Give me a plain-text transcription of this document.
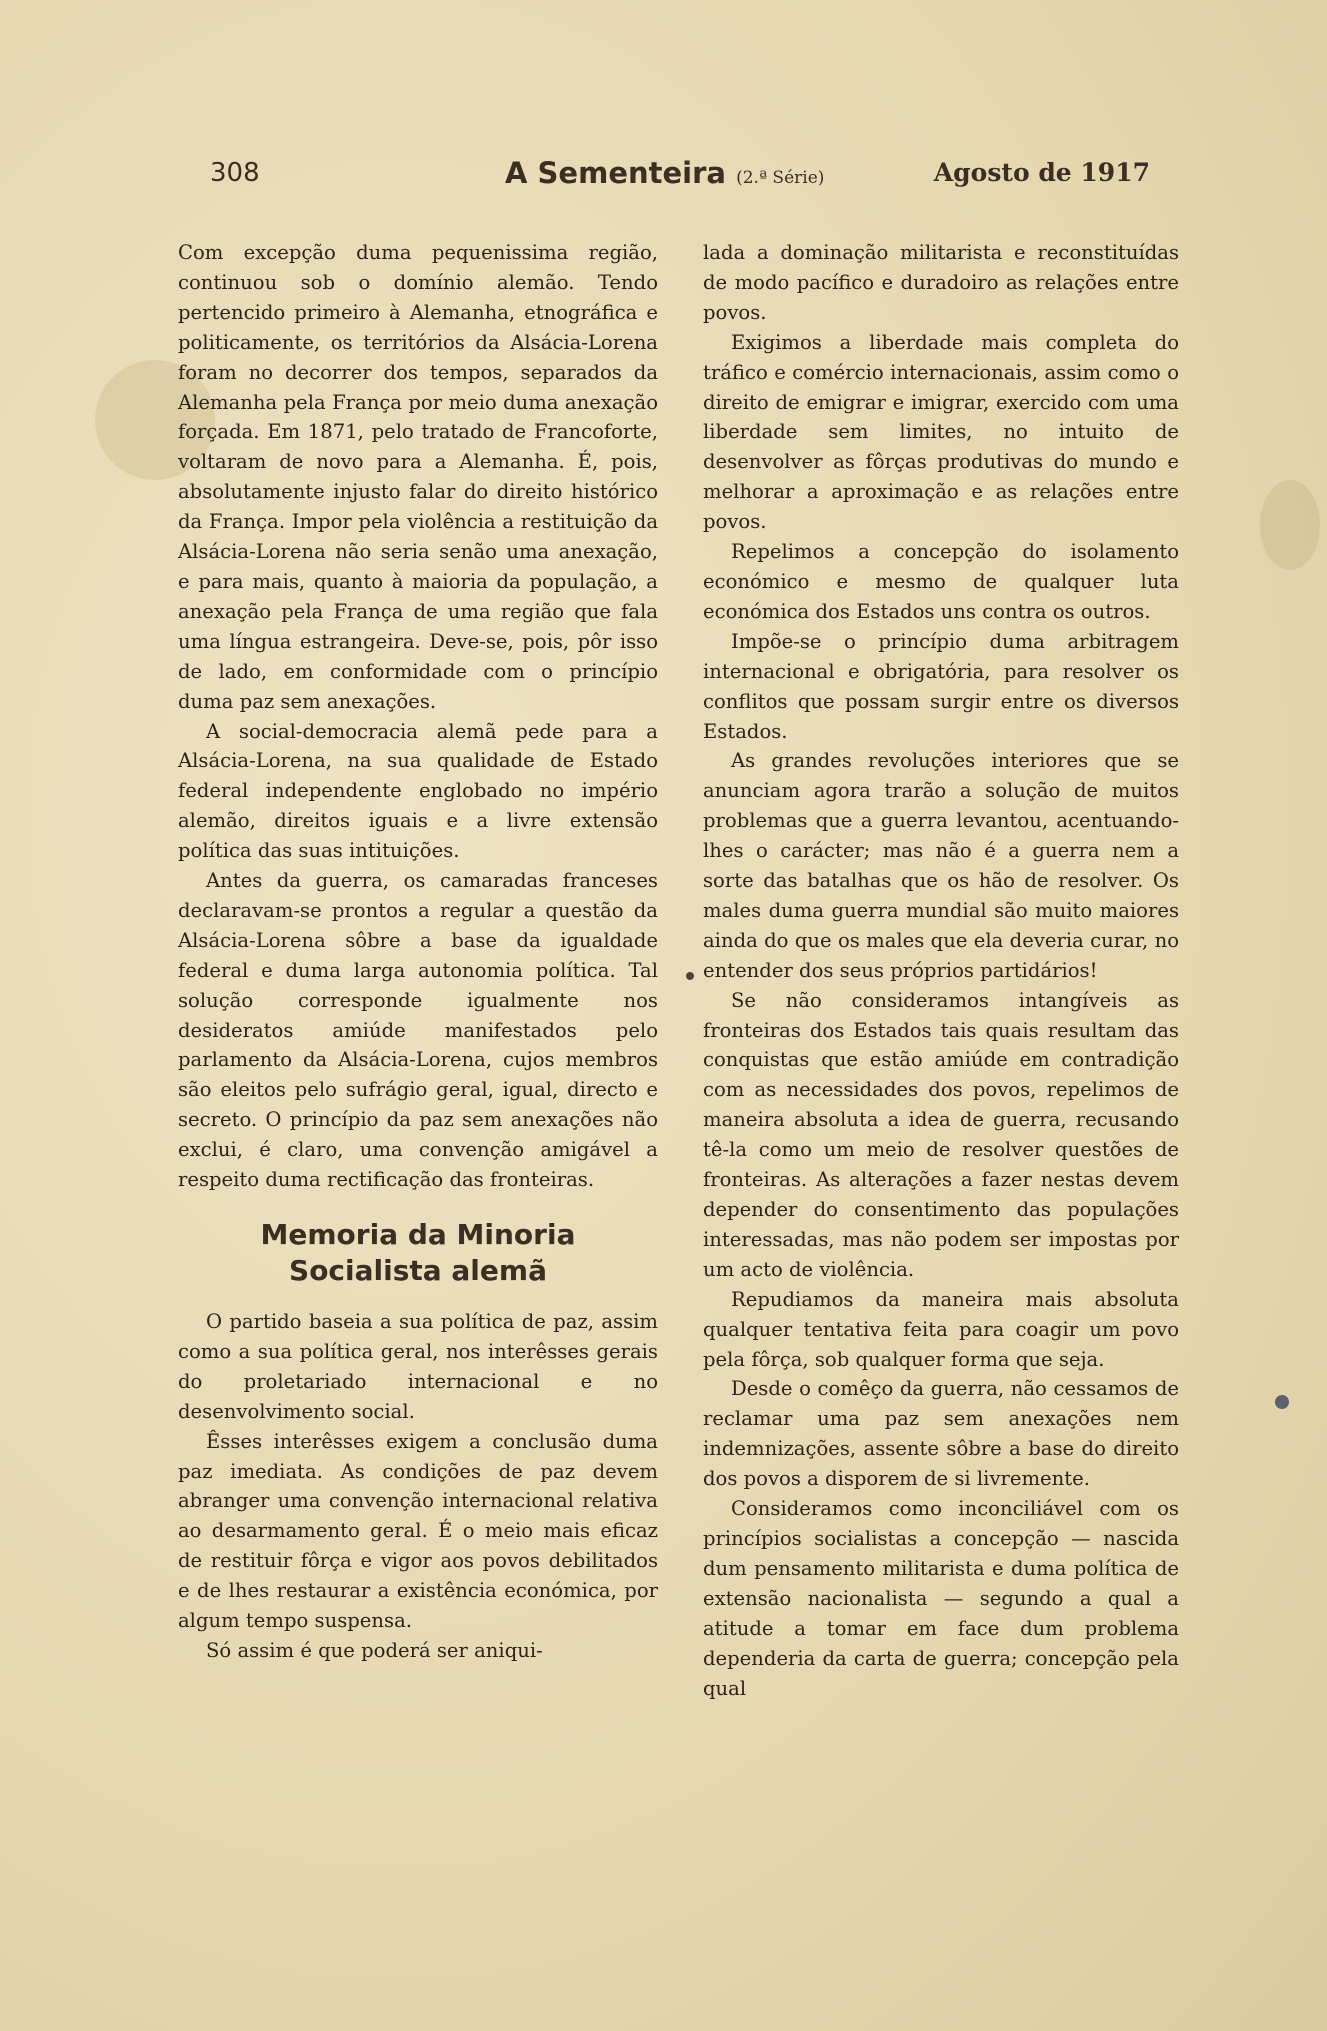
308	A Sementeira (2.ª Série)	Agosto de 1917

Com excepção duma pequenissima região, continuou sob o domínio alemão. Tendo pertencido primeiro à Alemanha, etnográfica e politicamente, os territórios da Alsácia-Lorena foram no decorrer dos tempos, separados da Alemanha pela França por meio duma anexação forçada. Em 1871, pelo tratado de Francoforte, voltaram de novo para a Alemanha. É, pois, absolutamente injusto falar do direito histórico da França. Impor pela violência a restituição da Alsácia-Lorena não seria senão uma anexação, e para mais, quanto à maioria da população, a anexação pela França de uma região que fala uma língua estrangeira. Deve-se, pois, pôr isso de lado, em conformidade com o princípio duma paz sem anexações.

A social-democracia alemã pede para a Alsácia-Lorena, na sua qualidade de Estado federal independente englobado no império alemão, direitos iguais e a livre extensão política das suas intituições.

Antes da guerra, os camaradas franceses declaravam-se prontos a regular a questão da Alsácia-Lorena sôbre a base da igualdade federal e duma larga autonomia política. Tal solução corresponde igualmente nos desideratos amiúde manifestados pelo parlamento da Alsácia-Lorena, cujos membros são eleitos pelo sufrágio geral, igual, directo e secreto. O princípio da paz sem anexações não exclui, é claro, uma convenção amigável a respeito duma rectificação das fronteiras.

Memoria da Minoria
Socialista alemã

O partido baseia a sua política de paz, assim como a sua política geral, nos interêsses gerais do proletariado internacional e no desenvolvimento social.

Êsses interêsses exigem a conclusão duma paz imediata. As condições de paz devem abranger uma convenção internacional relativa ao desarmamento geral. É o meio mais eficaz de restituir fôrça e vigor aos povos debilitados e de lhes restaurar a existência económica, por algum tempo suspensa.

Só assim é que poderá ser aniqui-

lada a dominação militarista e reconstituídas de modo pacífico e duradoiro as relações entre povos.

Exigimos a liberdade mais completa do tráfico e comércio internacionais, assim como o direito de emigrar e imigrar, exercido com uma liberdade sem limites, no intuito de desenvolver as fôrças produtivas do mundo e melhorar a aproximação e as relações entre povos.

Repelimos a concepção do isolamento económico e mesmo de qualquer luta económica dos Estados uns contra os outros.

Impõe-se o princípio duma arbitragem internacional e obrigatória, para resolver os conflitos que possam surgir entre os diversos Estados.

As grandes revoluções interiores que se anunciam agora trarão a solução de muitos problemas que a guerra levantou, acentuando-lhes o carácter; mas não é a guerra nem a sorte das batalhas que os hão de resolver. Os males duma guerra mundial são muito maiores ainda do que os males que ela deveria curar, no entender dos seus próprios partidários!

Se não consideramos intangíveis as fronteiras dos Estados tais quais resultam das conquistas que estão amiúde em contradição com as necessidades dos povos, repelimos de maneira absoluta a idea de guerra, recusando tê-la como um meio de resolver questões de fronteiras. As alterações a fazer nestas devem depender do consentimento das populações interessadas, mas não podem ser impostas por um acto de violência.

Repudiamos da maneira mais absoluta qualquer tentativa feita para coagir um povo pela fôrça, sob qualquer forma que seja.

Desde o comêço da guerra, não cessamos de reclamar uma paz sem anexações nem indemnizações, assente sôbre a base do direito dos povos a disporem de si livremente.

Consideramos como inconciliável com os princípios socialistas a concepção — nascida dum pensamento militarista e duma política de extensão nacionalista — segundo a qual a atitude a tomar em face dum problema dependeria da carta de guerra; concepção pela qual
